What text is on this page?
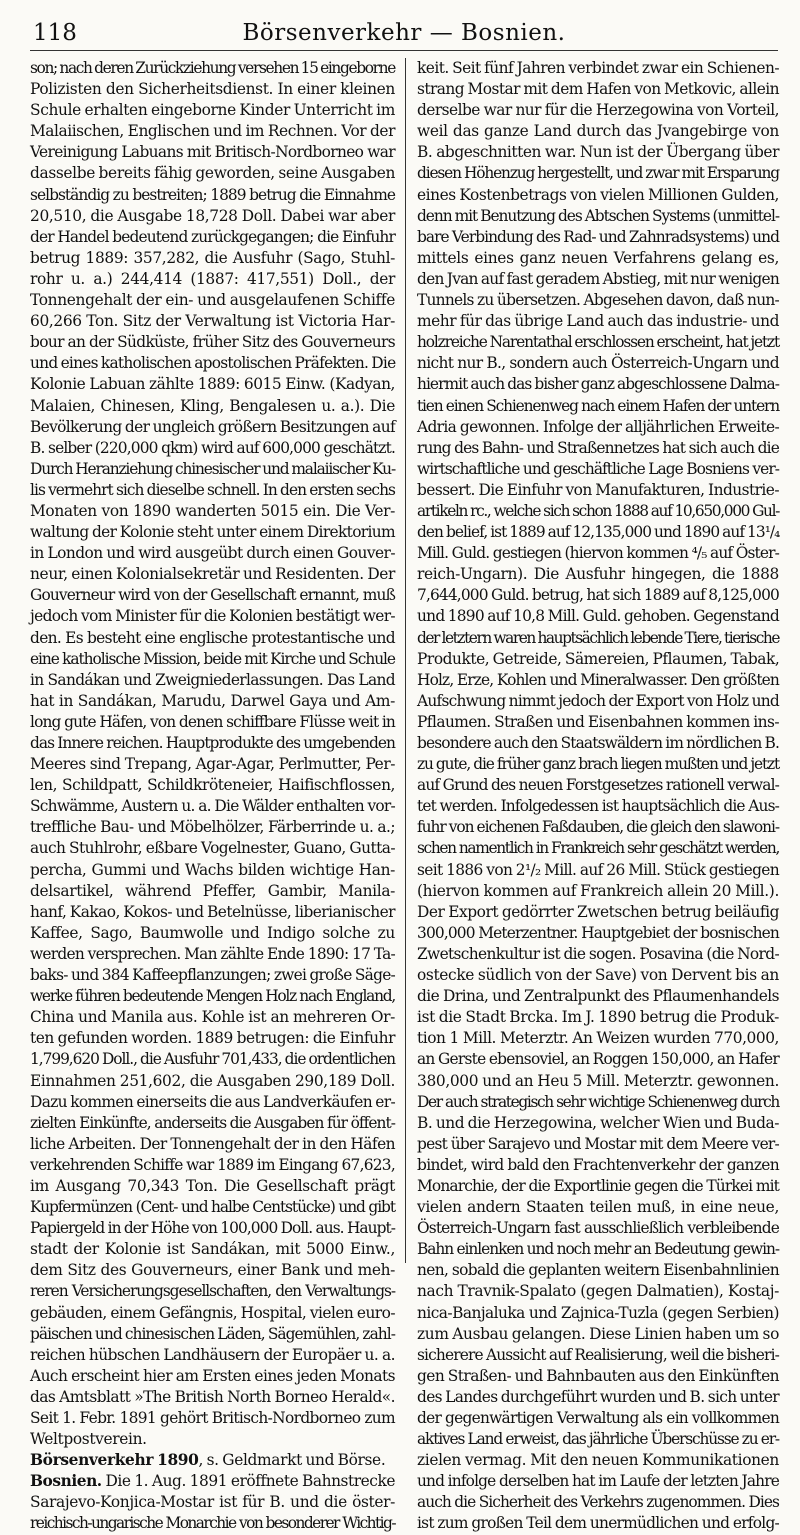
118	Börsenverkehr — Bosnien.
son; nach deren Zurückziehung versehen 15 eingeborne
Polizisten den Sicherheitsdienst. In einer kleinen
Schule erhalten eingeborne Kinder Unterricht im
Malaiischen, Englischen und im Rechnen. Vor der
Vereinigung Labuans mit Britisch-Nordborneo war
dasselbe bereits fähig geworden, seine Ausgaben
selbständig zu bestreiten; 1889 betrug die Einnahme
20,510, die Ausgabe 18,728 Doll. Dabei war aber
der Handel bedeutend zurückgegangen; die Einfuhr
betrug 1889: 357,282, die Ausfuhr (Sago, Stuhl-
rohr u. a.) 244,414 (1887: 417,551) Doll., der
Tonnengehalt der ein- und ausgelaufenen Schiffe
60,266 Ton. Sitz der Verwaltung ist Victoria Har-
bour an der Südküste, früher Sitz des Gouverneurs
und eines katholischen apostolischen Präfekten. Die
Kolonie Labuan zählte 1889: 6015 Einw. (Kadyan,
Malaien, Chinesen, Kling, Bengalesen u. a.). Die
Bevölkerung der ungleich größern Besitzungen auf
B. selber (220,000 qkm) wird auf 600,000 geschätzt.
Durch Heranziehung chinesischer und malaiischer Ku-
lis vermehrt sich dieselbe schnell. In den ersten sechs
Monaten von 1890 wanderten 5015 ein. Die Ver-
waltung der Kolonie steht unter einem Direktorium
in London und wird ausgeübt durch einen Gouver-
neur, einen Kolonialsekretär und Residenten. Der
Gouverneur wird von der Gesellschaft ernannt, muß
jedoch vom Minister für die Kolonien bestätigt wer-
den. Es besteht eine englische protestantische und
eine katholische Mission, beide mit Kirche und Schule
in Sandákan und Zweigniederlassungen. Das Land
hat in Sandákan, Marudu, Darwel Gaya und Am-
long gute Häfen, von denen schiffbare Flüsse weit in
das Innere reichen. Hauptprodukte des umgebenden
Meeres sind Trepang, Agar-Agar, Perlmutter, Per-
len, Schildpatt, Schildkröteneier, Haifischflossen,
Schwämme, Austern u. a. Die Wälder enthalten vor-
treffliche Bau- und Möbelhölzer, Färberrinde u. a.;
auch Stuhlrohr, eßbare Vogelnester, Guano, Gutta-
percha, Gummi und Wachs bilden wichtige Han-
delsartikel, während Pfeffer, Gambir, Manila-
hanf, Kakao, Kokos- und Betelnüsse, liberianischer
Kaffee, Sago, Baumwolle und Indigo solche zu
werden versprechen. Man zählte Ende 1890: 17 Ta-
baks- und 384 Kaffeepflanzungen; zwei große Säge-
werke führen bedeutende Mengen Holz nach England,
China und Manila aus. Kohle ist an mehreren Or-
ten gefunden worden. 1889 betrugen: die Einfuhr
1,799,620 Doll., die Ausfuhr 701,433, die ordentlichen
Einnahmen 251,602, die Ausgaben 290,189 Doll.
Dazu kommen einerseits die aus Landverkäufen er-
zielten Einkünfte, anderseits die Ausgaben für öffent-
liche Arbeiten. Der Tonnengehalt der in den Häfen
verkehrenden Schiffe war 1889 im Eingang 67,623,
im Ausgang 70,343 Ton. Die Gesellschaft prägt
Kupfermünzen (Cent- und halbe Centstücke) und gibt
Papiergeld in der Höhe von 100,000 Doll. aus. Haupt-
stadt der Kolonie ist Sandákan, mit 5000 Einw.,
dem Sitz des Gouverneurs, einer Bank und meh-
reren Versicherungsgesellschaften, den Verwaltungs-
gebäuden, einem Gefängnis, Hospital, vielen euro-
päischen und chinesischen Läden, Sägemühlen, zahl-
reichen hübschen Landhäusern der Europäer u. a.
Auch erscheint hier am Ersten eines jeden Monats
das Amtsblatt »The British North Borneo Herald«.
Seit 1. Febr. 1891 gehört Britisch-Nordborneo zum
Weltpostverein.
Börsenverkehr 1890, s. Geldmarkt und Börse.
Bosnien. Die 1. Aug. 1891 eröffnete Bahnstrecke
Sarajevo-Konjica-Mostar ist für B. und die öster-
reichisch-ungarische Monarchie von besonderer Wichtig-
keit. Seit fünf Jahren verbindet zwar ein Schienen-
strang Mostar mit dem Hafen von Metkovic, allein
derselbe war nur für die Herzegowina von Vorteil,
weil das ganze Land durch das Jvangebirge von
B. abgeschnitten war. Nun ist der Übergang über
diesen Höhenzug hergestellt, und zwar mit Ersparung
eines Kostenbetrags von vielen Millionen Gulden,
denn mit Benutzung des Abtschen Systems (unmittel-
bare Verbindung des Rad- und Zahnradsystems) und
mittels eines ganz neuen Verfahrens gelang es,
den Jvan auf fast geradem Abstieg, mit nur wenigen
Tunnels zu übersetzen. Abgesehen davon, daß nun-
mehr für das übrige Land auch das industrie- und
holzreiche Narentathal erschlossen erscheint, hat jetzt
nicht nur B., sondern auch Österreich-Ungarn und
hiermit auch das bisher ganz abgeschlossene Dalma-
tien einen Schienenweg nach einem Hafen der untern
Adria gewonnen. Infolge der alljährlichen Erweite-
rung des Bahn- und Straßennetzes hat sich auch die
wirtschaftliche und geschäftliche Lage Bosniens ver-
bessert. Die Einfuhr von Manufakturen, Industrie-
artikeln rc., welche sich schon 1888 auf 10,650,000 Gul-
den belief, ist 1889 auf 12,135,000 und 1890 auf 13¹/₄
Mill. Guld. gestiegen (hiervon kommen ⁴/₅ auf Öster-
reich-Ungarn). Die Ausfuhr hingegen, die 1888
7,644,000 Guld. betrug, hat sich 1889 auf 8,125,000
und 1890 auf 10,8 Mill. Guld. gehoben. Gegenstand
der letztern waren hauptsächlich lebende Tiere, tierische
Produkte, Getreide, Sämereien, Pflaumen, Tabak,
Holz, Erze, Kohlen und Mineralwasser. Den größten
Aufschwung nimmt jedoch der Export von Holz und
Pflaumen. Straßen und Eisenbahnen kommen ins-
besondere auch den Staatswäldern im nördlichen B.
zu gute, die früher ganz brach liegen mußten und jetzt
auf Grund des neuen Forstgesetzes rationell verwal-
tet werden. Infolgedessen ist hauptsächlich die Aus-
fuhr von eichenen Faßdauben, die gleich den slawoni-
schen namentlich in Frankreich sehr geschätzt werden,
seit 1886 von 2¹/₂ Mill. auf 26 Mill. Stück gestiegen
(hiervon kommen auf Frankreich allein 20 Mill.).
Der Export gedörrter Zwetschen betrug beiläufig
300,000 Meterzentner. Hauptgebiet der bosnischen
Zwetschenkultur ist die sogen. Posavina (die Nord-
ostecke südlich von der Save) von Dervent bis an
die Drina, und Zentralpunkt des Pflaumenhandels
ist die Stadt Brcka. Im J. 1890 betrug die Produk-
tion 1 Mill. Meterztr. An Weizen wurden 770,000,
an Gerste ebensoviel, an Roggen 150,000, an Hafer
380,000 und an Heu 5 Mill. Meterztr. gewonnen.
Der auch strategisch sehr wichtige Schienenweg durch
B. und die Herzegowina, welcher Wien und Buda-
pest über Sarajevo und Mostar mit dem Meere ver-
bindet, wird bald den Frachtenverkehr der ganzen
Monarchie, der die Exportlinie gegen die Türkei mit
vielen andern Staaten teilen muß, in eine neue,
Österreich-Ungarn fast ausschließlich verbleibende
Bahn einlenken und noch mehr an Bedeutung gewin-
nen, sobald die geplanten weitern Eisenbahnlinien
nach Travnik-Spalato (gegen Dalmatien), Kostaj-
nica-Banjaluka und Zajnica-Tuzla (gegen Serbien)
zum Ausbau gelangen. Diese Linien haben um so
sicherere Aussicht auf Realisierung, weil die bisheri-
gen Straßen- und Bahnbauten aus den Einkünften
des Landes durchgeführt wurden und B. sich unter
der gegenwärtigen Verwaltung als ein vollkommen
aktives Land erweist, das jährliche Überschüsse zu er-
zielen vermag. Mit den neuen Kommunikationen
und infolge derselben hat im Laufe der letzten Jahre
auch die Sicherheit des Verkehrs zugenommen. Dies
ist zum großen Teil dem unermüdlichen und erfolg-
